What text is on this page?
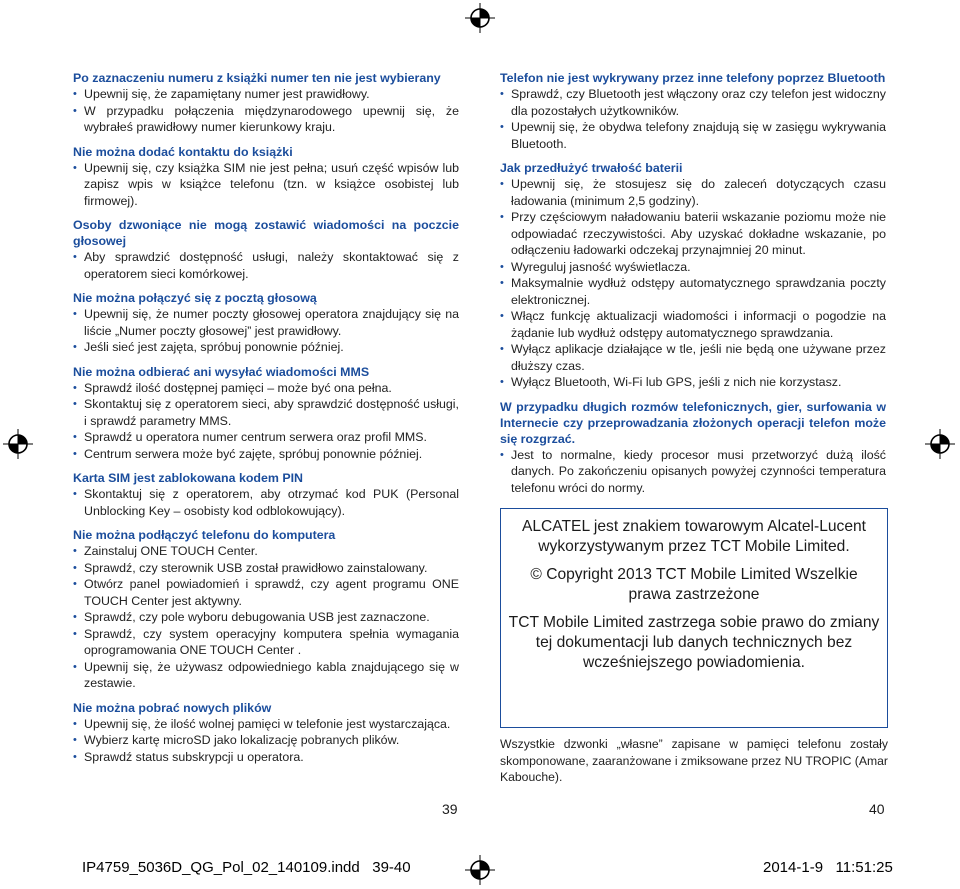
Po zaznaczeniu numeru z książki numer ten nie jest wybierany

• Upewnij się, że zapamiętany numer jest prawidłowy.
• W przypadku połączenia międzynarodowego upewnij się, że wybrałeś prawidłowy numer kierunkowy kraju.

Nie można dodać kontaktu do książki

• Upewnij się, czy książka SIM nie jest pełna; usuń część wpisów lub zapisz wpis w książce telefonu (tzn. w książce osobistej lub firmowej).

Osoby dzwoniące nie mogą zostawić wiadomości na poczcie głosowej

• Aby sprawdzić dostępność usługi, należy skontaktować się z operatorem sieci komórkowej.

Nie można połączyć się z pocztą głosową

• Upewnij się, że numer poczty głosowej operatora znajdujący się na liście „Numer poczty głosowej” jest prawidłowy.
• Jeśli sieć jest zajęta, spróbuj ponownie później.

Nie można odbierać ani wysyłać wiadomości MMS

• Sprawdź ilość dostępnej pamięci – może być ona pełna.
• Skontaktuj się z operatorem sieci, aby sprawdzić dostępność usługi, i sprawdź parametry MMS.
• Sprawdź u operatora numer centrum serwera oraz profil MMS.
• Centrum serwera może być zajęte, spróbuj ponownie później.

Karta SIM jest zablokowana kodem PIN

• Skontaktuj się z operatorem, aby otrzymać kod PUK (Personal Unblocking Key – osobisty kod odblokowujący).

Nie można podłączyć telefonu do komputera

• Zainstaluj ONE TOUCH Center.
• Sprawdź, czy sterownik USB został prawidłowo zainstalowany.
• Otwórz panel powiadomień i sprawdź, czy agent programu ONE TOUCH Center jest aktywny.
• Sprawdź, czy pole wyboru debugowania USB jest zaznaczone.
• Sprawdź, czy system operacyjny komputera spełnia wymagania oprogramowania ONE TOUCH Center .
• Upewnij się, że używasz odpowiedniego kabla znajdującego się w zestawie.

Nie można pobrać nowych plików

• Upewnij się, że ilość wolnej pamięci w telefonie jest wystarczająca.
• Wybierz kartę microSD jako lokalizację pobranych plików.
• Sprawdź status subskrypcji u operatora.

Telefon nie jest wykrywany przez inne telefony poprzez Bluetooth

• Sprawdź, czy Bluetooth jest włączony oraz czy telefon jest widoczny dla pozostałych użytkowników.
• Upewnij się, że obydwa telefony znajdują się w zasięgu wykrywania Bluetooth.

Jak przedłużyć trwałość baterii

• Upewnij się, że stosujesz się do zaleceń dotyczących czasu ładowania (minimum 2,5 godziny).
• Przy częściowym naładowaniu baterii wskazanie poziomu może nie odpowiadać rzeczywistości. Aby uzyskać dokładne wskazanie, po odłączeniu ładowarki odczekaj przynajmniej 20 minut.
• Wyreguluj jasność wyświetlacza.
• Maksymalnie wydłuż odstępy automatycznego sprawdzania poczty elektronicznej.
• Włącz funkcję aktualizacji wiadomości i informacji o pogodzie na żądanie lub wydłuż odstępy automatycznego sprawdzania.
• Wyłącz aplikacje działające w tle, jeśli nie będą one używane przez dłuższy czas.
• Wyłącz Bluetooth, Wi-Fi lub GPS, jeśli z nich nie korzystasz.

W przypadku długich rozmów telefonicznych, gier, surfowania w Internecie czy przeprowadzania złożonych operacji telefon może się rozgrzać.

• Jest to normalne, kiedy procesor musi przetworzyć dużą ilość danych. Po zakończeniu opisanych powyżej czynności temperatura telefonu wróci do normy.

ALCATEL jest znakiem towarowym Alcatel-Lucent wykorzystywanym przez TCT Mobile Limited.

© Copyright 2013 TCT Mobile Limited Wszelkie prawa zastrzeżone

TCT Mobile Limited zastrzega sobie prawo do zmiany tej dokumentacji lub danych technicznych bez wcześniejszego powiadomienia.

Wszystkie dzwonki „własne” zapisane w pamięci telefonu zostały skomponowane, zaaranżowane i zmiksowane przez NU TROPIC (Amar Kabouche).

39	40
IP4759_5036D_QG_Pol_02_140109.indd   39-40	2014-1-9   11:51:25
